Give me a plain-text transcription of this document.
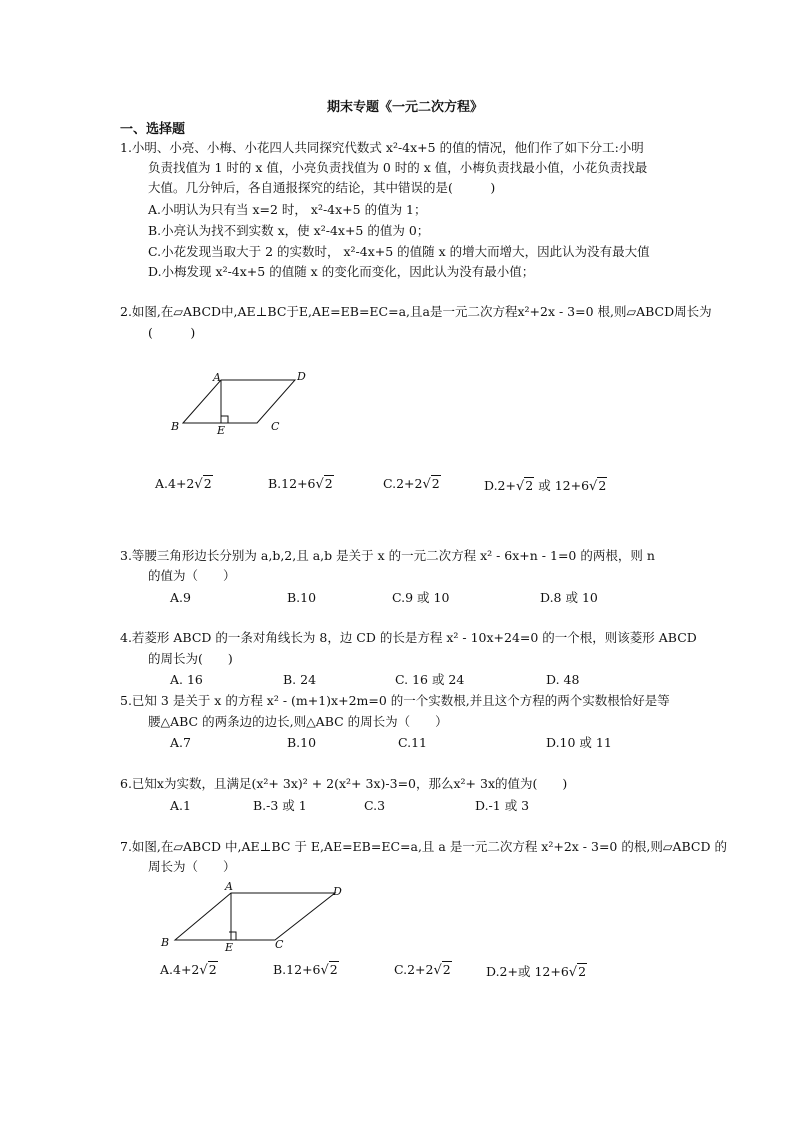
期末专题《一元二次方程》
一、选择题
1.小明、小亮、小梅、小花四人共同探究代数式 x²-4x+5 的值的情况，他们作了如下分工:小明
负责找值为 1 时的 x 值，小亮负责找值为 0 时的 x 值，小梅负责找最小值，小花负责找最
大值。几分钟后，各自通报探究的结论，其中错误的是(　　　)
A.小明认为只有当 x=2 时， x²-4x+5 的值为 1；
B.小亮认为找不到实数 x，使 x²-4x+5 的值为 0；
C.小花发现当取大于 2 的实数时， x²-4x+5 的值随 x 的增大而增大，因此认为没有最大值
D.小梅发现 x²-4x+5 的值随 x 的变化而变化，因此认为没有最小值；
2.如图,在▱ABCD中,AE⊥BC于E,AE=EB=EC=a,且a是一元二次方程x²+2x - 3=0 根,则▱ABCD周长为
(　　　)
A	D
B	E	C
A.4+2√2	B.12+6√2	C.2+2√2	D.2+√2 或 12+6√2
3.等腰三角形边长分别为 a,b,2,且 a,b 是关于 x 的一元二次方程 x² - 6x+n - 1=0 的两根，则 n
的值为（　　）
A.9	B.10	C.9 或 10	D.8 或 10
4.若菱形 ABCD 的一条对角线长为 8，边 CD 的长是方程 x² - 10x+24=0 的一个根，则该菱形 ABCD
的周长为(　　)
A. 16	B. 24	C. 16 或 24	D. 48
5.已知 3 是关于 x 的方程 x² - (m+1)x+2m=0 的一个实数根,并且这个方程的两个实数根恰好是等
腰△ABC 的两条边的边长,则△ABC 的周长为（　　）
A.7	B.10	C.11	D.10 或 11
6.已知x为实数，且满足(x²+ 3x)² + 2(x²+ 3x)-3=0，那么x²+ 3x的值为(　　)
A.1	B.-3 或 1	C.3	D.-1 或 3
7.如图,在▱ABCD 中,AE⊥BC 于 E,AE=EB=EC=a,且 a 是一元二次方程 x²+2x - 3=0 的根,则▱ABCD 的
周长为（　　）
A	D
B	E	C
A.4+2√2	B.12+6√2	C.2+2√2	D.2+或 12+6√2
